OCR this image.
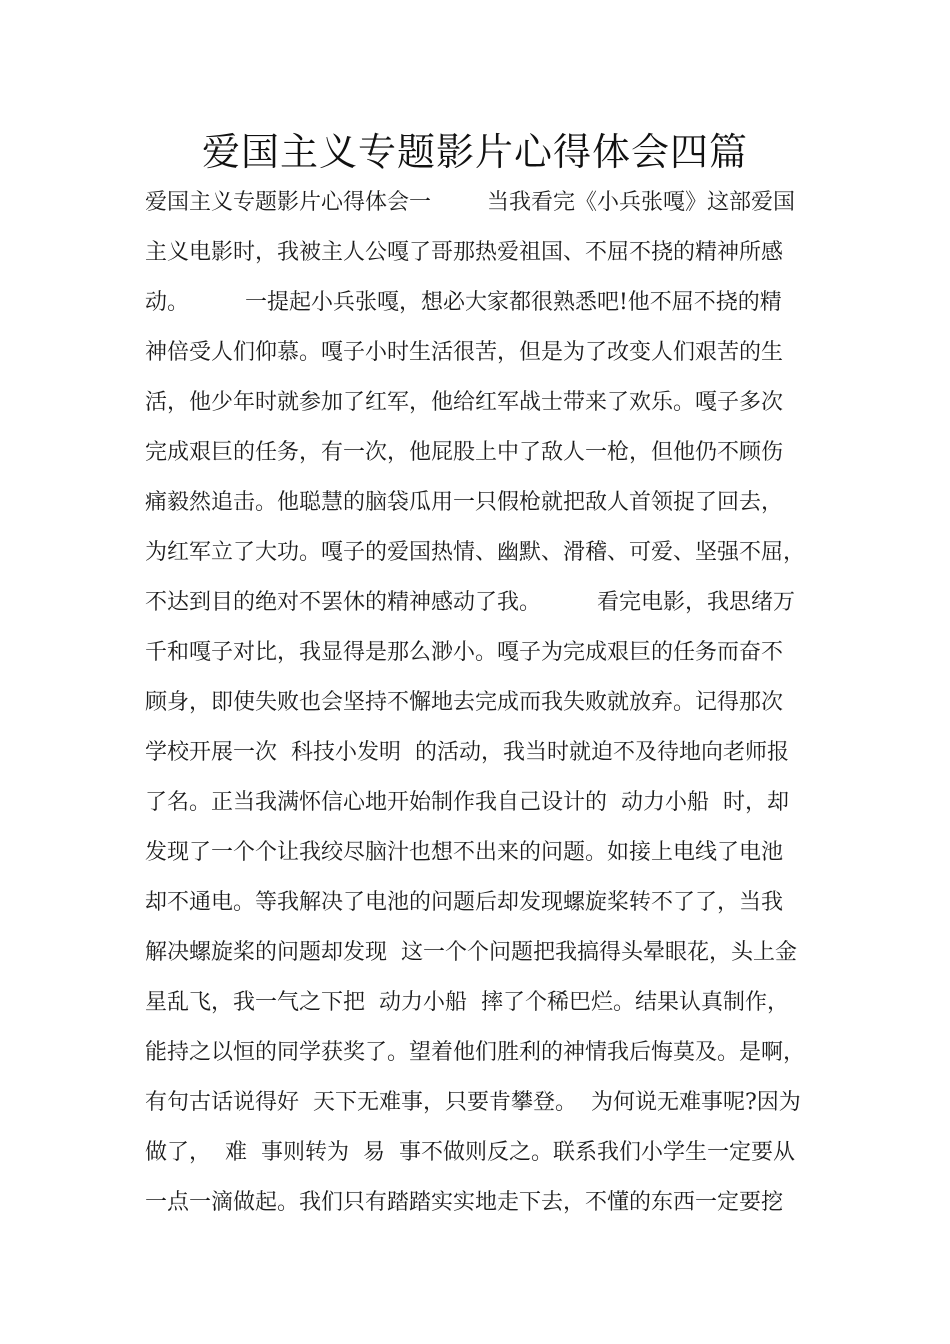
爱国主义专题影片心得体会四篇
爱国主义专题影片心得体会一        当我看完《小兵张嘎》这部爱国
主义电影时，我被主人公嘎了哥那热爱祖国、不屈不挠的精神所感
动。        一提起小兵张嘎，想必大家都很熟悉吧!他不屈不挠的精
神倍受人们仰慕。嘎子小时生活很苦，但是为了改变人们艰苦的生
活，他少年时就参加了红军，他给红军战士带来了欢乐。嘎子多次
完成艰巨的任务，有一次，他屁股上中了敌人一枪，但他仍不顾伤
痛毅然追击。他聪慧的脑袋瓜用一只假枪就把敌人首领捉了回去，
为红军立了大功。嘎子的爱国热情、幽默、滑稽、可爱、坚强不屈，
不达到目的绝对不罢休的精神感动了我。        看完电影，我思绪万
千和嘎子对比，我显得是那么渺小。嘎子为完成艰巨的任务而奋不
顾身，即使失败也会坚持不懈地去完成而我失败就放弃。记得那次
学校开展一次  科技小发明  的活动，我当时就迫不及待地向老师报
了名。正当我满怀信心地开始制作我自己设计的  动力小船  时，却
发现了一个个让我绞尽脑汁也想不出来的问题。如接上电线了电池
却不通电。等我解决了电池的问题后却发现螺旋桨转不了了，当我
解决螺旋桨的问题却发现  这一个个问题把我搞得头晕眼花，头上金
星乱飞，我一气之下把  动力小船  摔了个稀巴烂。结果认真制作，
能持之以恒的同学获奖了。望着他们胜利的神情我后悔莫及。是啊，
有句古话说得好  天下无难事，只要肯攀登。  为何说无难事呢?因为
做了，  难  事则转为  易  事不做则反之。联系我们小学生一定要从
一点一滴做起。我们只有踏踏实实地走下去，不懂的东西一定要挖
